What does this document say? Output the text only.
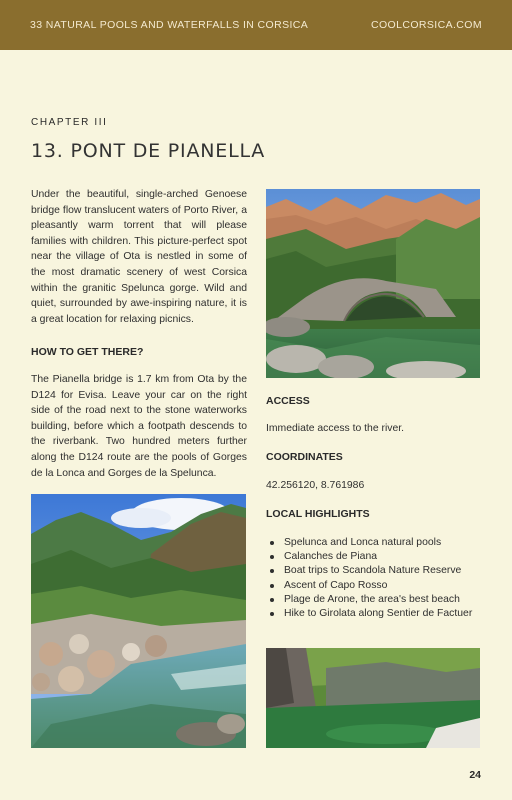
33 NATURAL POOLS AND WATERFALLS IN CORSICA	COOLCORSICA.COM
CHAPTER III
13. PONT DE PIANELLA

Under the beautiful, single-arched Genoese bridge flow translucent waters of Porto River, a pleasantly warm torrent that will please families with children. This picture-perfect spot near the village of Ota is nestled in some of the most dramatic scenery of west Corsica within the granitic Spelunca gorge. Wild and quiet, surrounded by awe-inspiring nature, it is a great location for relaxing picnics.

HOW TO GET THERE?

The Pianella bridge is 1.7 km from Ota by the D124 for Evisa. Leave your car on the right side of the road next to the stone waterworks building, before which a footpath descends to the riverbank. Two hundred meters further along the D124 route are the pools of Gorges de la Lonca and Gorges de la Spelunca.

ACCESS
Immediate access to the river.
COORDINATES
42.256120, 8.761986
LOCAL HIGHLIGHTS
Spelunca and Lonca natural pools
Calanches de Piana
Boat trips to Scandola Nature Reserve
Ascent of Capo Rosso
Plage de Arone, the area's best beach
Hike to Girolata along Sentier de Factuer
24
